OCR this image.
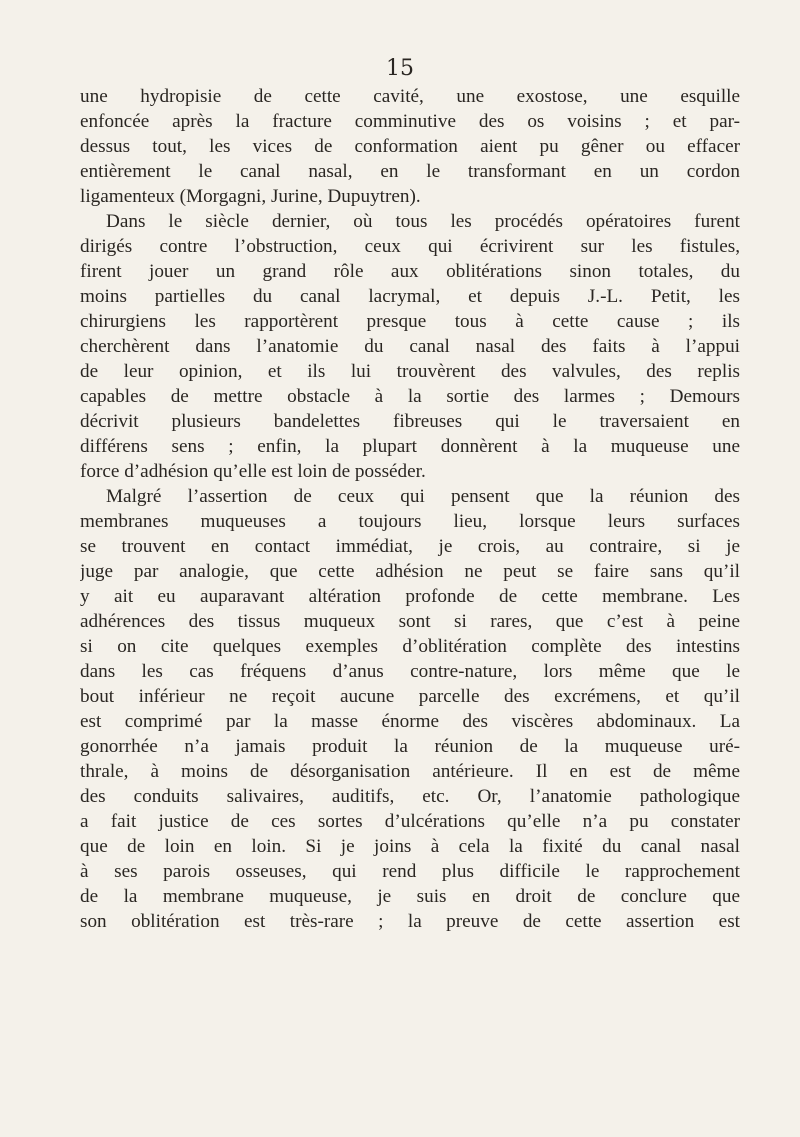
15
une hydropisie de cette cavité, une exostose, une esquille
enfoncée après la fracture comminutive des os voisins ; et par-
dessus tout, les vices de conformation aient pu gêner ou effacer
entièrement le canal nasal, en le transformant en un cordon
ligamenteux (Morgagni, Jurine, Dupuytren).
Dans le siècle dernier, où tous les procédés opératoires furent
dirigés contre l’obstruction, ceux qui écrivirent sur les fistules,
firent jouer un grand rôle aux oblitérations sinon totales, du
moins partielles du canal lacrymal, et depuis J.-L. Petit, les
chirurgiens les rapportèrent presque tous à cette cause ; ils
cherchèrent dans l’anatomie du canal nasal des faits à l’appui
de leur opinion, et ils lui trouvèrent des valvules, des replis
capables de mettre obstacle à la sortie des larmes ; Demours
décrivit plusieurs bandelettes fibreuses qui le traversaient en
différens sens ; enfin, la plupart donnèrent à la muqueuse une
force d’adhésion qu’elle est loin de posséder.
Malgré l’assertion de ceux qui pensent que la réunion des
membranes muqueuses a toujours lieu, lorsque leurs surfaces
se trouvent en contact immédiat, je crois, au contraire, si je
juge par analogie, que cette adhésion ne peut se faire sans qu’il
y ait eu auparavant altération profonde de cette membrane. Les
adhérences des tissus muqueux sont si rares, que c’est à peine
si on cite quelques exemples d’oblitération complète des intestins
dans les cas fréquens d’anus contre-nature, lors même que le
bout inférieur ne reçoit aucune parcelle des excrémens, et qu’il
est comprimé par la masse énorme des viscères abdominaux. La
gonorrhée n’a jamais produit la réunion de la muqueuse uré-
thrale, à moins de désorganisation antérieure. Il en est de même
des conduits salivaires, auditifs, etc. Or, l’anatomie pathologique
a fait justice de ces sortes d’ulcérations qu’elle n’a pu constater
que de loin en loin. Si je joins à cela la fixité du canal nasal
à ses parois osseuses, qui rend plus difficile le rapprochement
de la membrane muqueuse, je suis en droit de conclure que
son oblitération est très-rare ; la preuve de cette assertion est
